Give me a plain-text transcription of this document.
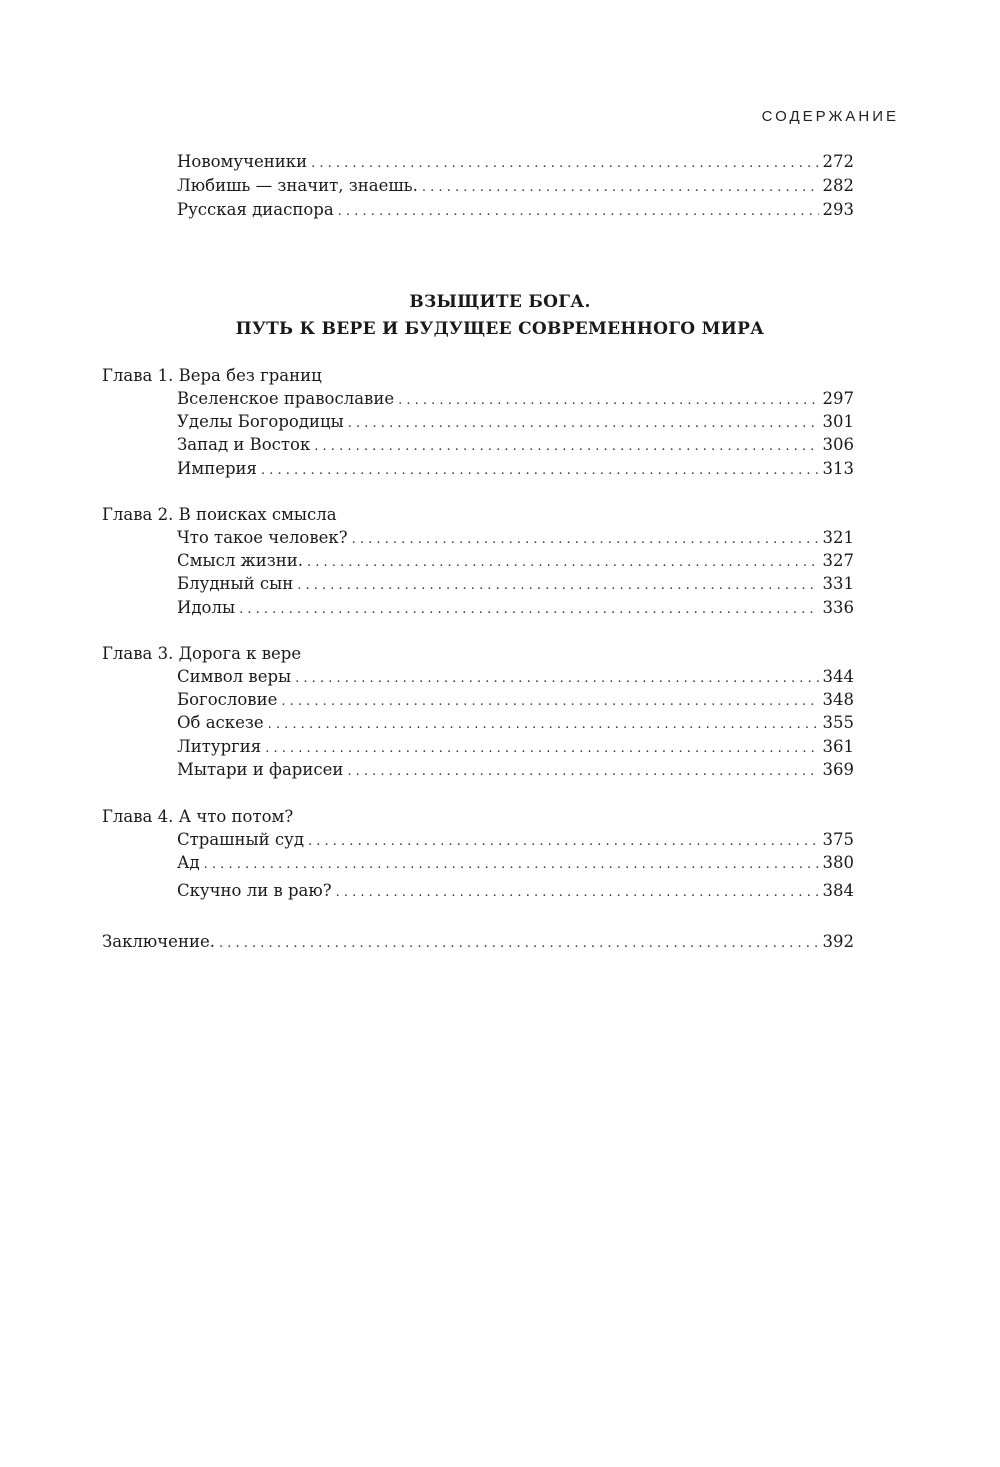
СОДЕРЖАНИЕ
Новомученики . . .	272
Любишь — значит, знаешь. . . .	282
Русская диаспора . . .	293
ВЗЫЩИТЕ БОГА.
ПУТЬ К ВЕРЕ И БУДУЩЕЕ СОВРЕМЕННОГО МИРА
Глава 1. Вера без границ
Вселенское православие . . .	297
Уделы Богородицы . . .	301
Запад и Восток . . .	306
Империя . . .	313
Глава 2. В поисках смысла
Что такое человек? . . .	321
Смысл жизни. . . .	327
Блудный сын . . .	331
Идолы . . .	336
Глава 3. Дорога к вере
Символ веры . . .	344
Богословие . . .	348
Об аскезе . . .	355
Литургия . . .	361
Мытари и фарисеи . . .	369
Глава 4. А что потом?
Страшный суд . . .	375
Ад . . .	380
Скучно ли в раю? . . .	384
Заключение. . . .	392
